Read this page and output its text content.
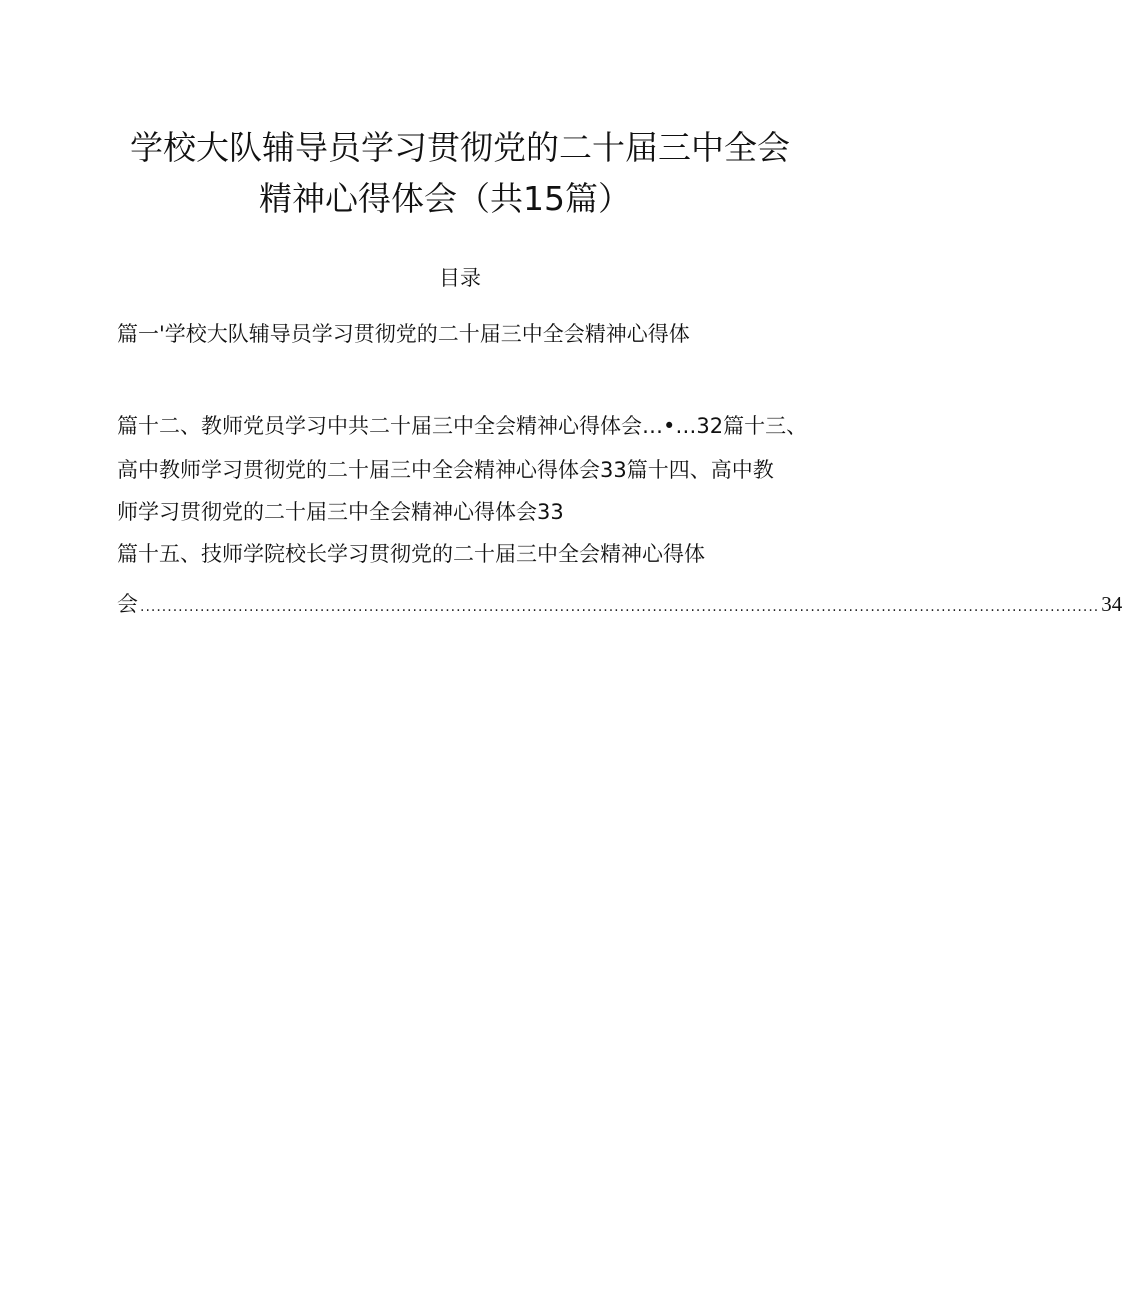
学校大队辅导员学习贯彻党的二十届三中全会
精神心得体会（共15篇）
目录
篇一'学校大队辅导员学习贯彻党的二十届三中全会精神心得体
篇十二、教师党员学习中共二十届三中全会精神心得体会…•…32篇十三、
高中教师学习贯彻党的二十届三中全会精神心得体会33篇十四、高中教
师学习贯彻党的二十届三中全会精神心得体会33
篇十五、技师学院校长学习贯彻党的二十届三中全会精神心得体
会 ................................................................................................................................................................................ 34
